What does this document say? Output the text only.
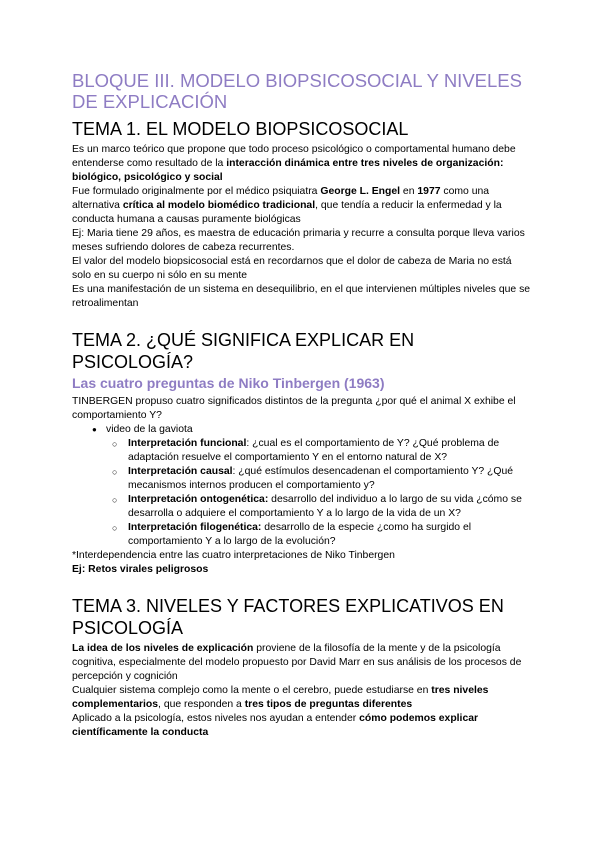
BLOQUE III. MODELO BIOPSICOSOCIAL Y NIVELES DE EXPLICACIÓN
TEMA 1. EL MODELO BIOPSICOSOCIAL

Es un marco teórico que propone que todo proceso psicológico o comportamental humano debe entenderse como resultado de la interacción dinámica entre tres niveles de organización: biológico, psicológico y social

Fue formulado originalmente por el médico psiquiatra George L. Engel en 1977 como una alternativa crítica al modelo biomédico tradicional, que tendía a reducir la enfermedad y la conducta humana a causas puramente biológicas

Ej: Maria tiene 29 años, es maestra de educación primaria y recurre a consulta porque lleva varios meses sufriendo dolores de cabeza recurrentes.

El valor del modelo biopsicosocial está en recordarnos que el dolor de cabeza de Maria no está solo en su cuerpo ni sólo en su mente

Es una manifestación de un sistema en desequilibrio, en el que intervienen múltiples niveles que se retroalimentan

TEMA 2. ¿QUÉ SIGNIFICA EXPLICAR EN PSICOLOGÍA?
Las cuatro preguntas de Niko Tinbergen (1963)

TINBERGEN propuso cuatro significados distintos de la pregunta ¿por qué el animal X exhibe el comportamiento Y?

● video de la gaviota
○ Interpretación funcional: ¿cual es el comportamiento de Y? ¿Qué problema de adaptación resuelve el comportamiento Y en el entorno natural de X?
○ Interpretación causal: ¿qué estímulos desencadenan el comportamiento Y? ¿Qué mecanismos internos producen el comportamiento y?
○ Interpretación ontogenética: desarrollo del individuo a lo largo de su vida ¿cómo se desarrolla o adquiere el comportamiento Y a lo largo de la vida de un X?
○ Interpretación filogenética: desarrollo de la especie ¿como ha surgido el comportamiento Y a lo largo de la evolución?

*Interdependencia entre las cuatro interpretaciones de Niko Tinbergen

Ej: Retos virales peligrosos

TEMA 3. NIVELES Y FACTORES EXPLICATIVOS EN PSICOLOGÍA

La idea de los niveles de explicación proviene de la filosofía de la mente y de la psicología cognitiva, especialmente del modelo propuesto por David Marr en sus análisis de los procesos de percepción y cognición

Cualquier sistema complejo como la mente o el cerebro, puede estudiarse en tres niveles complementarios, que responden a tres tipos de preguntas diferentes

Aplicado a la psicología, estos niveles nos ayudan a entender cómo podemos explicar científicamente la conducta
